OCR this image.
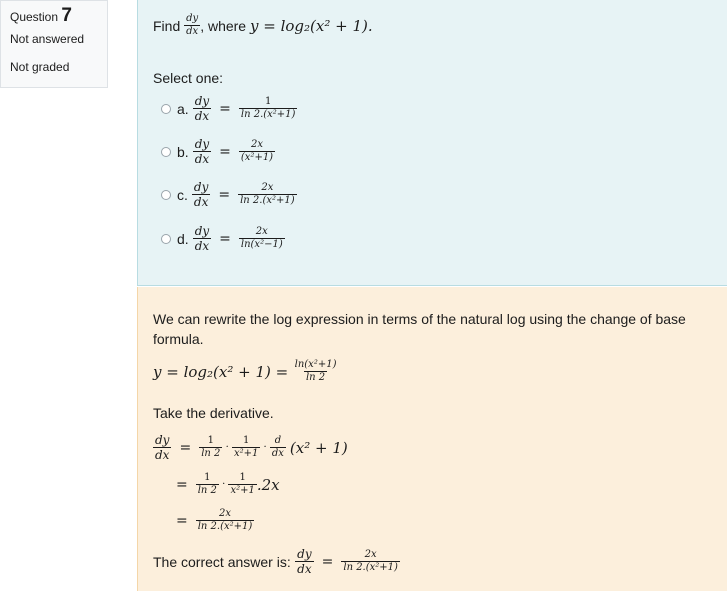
Question 7
Not answered
Not graded
Find
$\frac{dy}{dx}$ , where
y = log₂(x² + 1).
Select one:
a. $\frac{dy}{dx} = \frac{1}{\text{ln 2.(x²+1)}}$
b. $\frac{dy}{dx} = \frac{2x}{\text{(x²+1)}}$
c. $\frac{dy}{dx} = \frac{2x}{\text{ln 2.(x²+1)}}$
d. $\frac{dy}{dx} = \frac{2x}{\text{ln(x²−1)}}$
We can rewrite the log expression in terms of the natural log using the change of base formula.
y = log₂(x² + 1) =
$\frac{\text{ln(x²+1)}}{\ln 2}$
Take the derivative.
$\frac{dy}{dx} = \frac{1}{\ln 2} \cdot \frac{1}{\text{x²+1}} \cdot \frac{d}{dx} (x^2 + 1)$
= $\frac{1}{\ln 2} \cdot \frac{1}{\text{x²+1}} .2x$
= $\frac{2x}{\text{ln 2.(x²+1)}}$
The correct answer is:
$\frac{dy}{dx} = \frac{2x}{\text{ln 2.(x²+1)}}$
